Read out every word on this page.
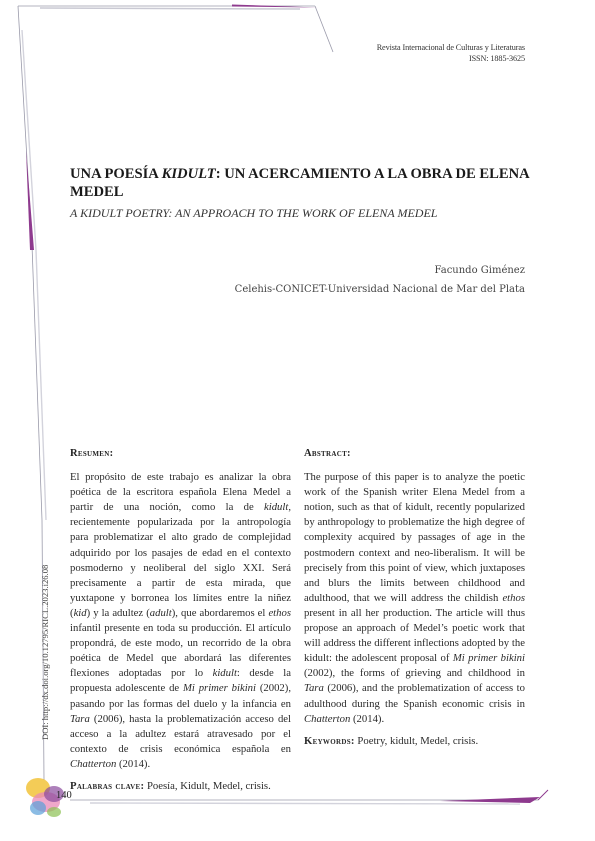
Revista Internacional de Culturas y Literaturas
ISSN: 1885-3625
UNA POESÍA KIDULT: UN ACERCAMIENTO A LA OBRA DE ELENA MEDEL
A KIDULT POETRY: AN APPROACH TO THE WORK OF ELENA MEDEL
Facundo Giménez
Celehis-CONICET-Universidad Nacional de Mar del Plata
Resumen:

El propósito de este trabajo es analizar la obra poética de la escritora española Elena Medel a partir de una noción, como la de kidult, recientemente popularizada por la antropología para problematizar el alto grado de complejidad adquirido por los pasajes de edad en el contexto posmoderno y neoliberal del siglo XXI. Será precisamente a partir de esta mirada, que yuxtapone y borronea los límites entre la niñez (kid) y la adultez (adult), que abordaremos el ethos infantil presente en toda su producción. El artículo propondrá, de este modo, un recorrido de la obra poética de Medel que abordará las diferentes flexiones adoptadas por lo kidult: desde la propuesta adolescente de Mi primer bikini (2002), pasando por las formas del duelo y la infancia en Tara (2006), hasta la problematización acceso del acceso a la adultez estará atravesado por el contexto de crisis económica española en Chatterton (2014).

Palabras clave: Poesía, Kidult, Medel, crisis.
Abstract:

The purpose of this paper is to analyze the poetic work of the Spanish writer Elena Medel from a notion, such as that of kidult, recently popularized by anthropology to problematize the high degree of complexity acquired by passages of age in the postmodern context and neo-liberalism. It will be precisely from this point of view, which juxtaposes and blurs the limits between childhood and adulthood, that we will address the childish ethos present in all her production. The article will thus propose an approach of Medel’s poetic work that will address the different inflections adopted by the kidult: the adolescent proposal of Mi primer bikini (2002), the forms of grieving and childhood in Tara (2006), and the problematization of access to adulthood during the Spanish economic crisis in Chatterton (2014).

Keywords: Poetry, kidult, Medel, crisis.
DOI: http://dx.doi.org/10.12795/RICL.2023.i26.08
140
